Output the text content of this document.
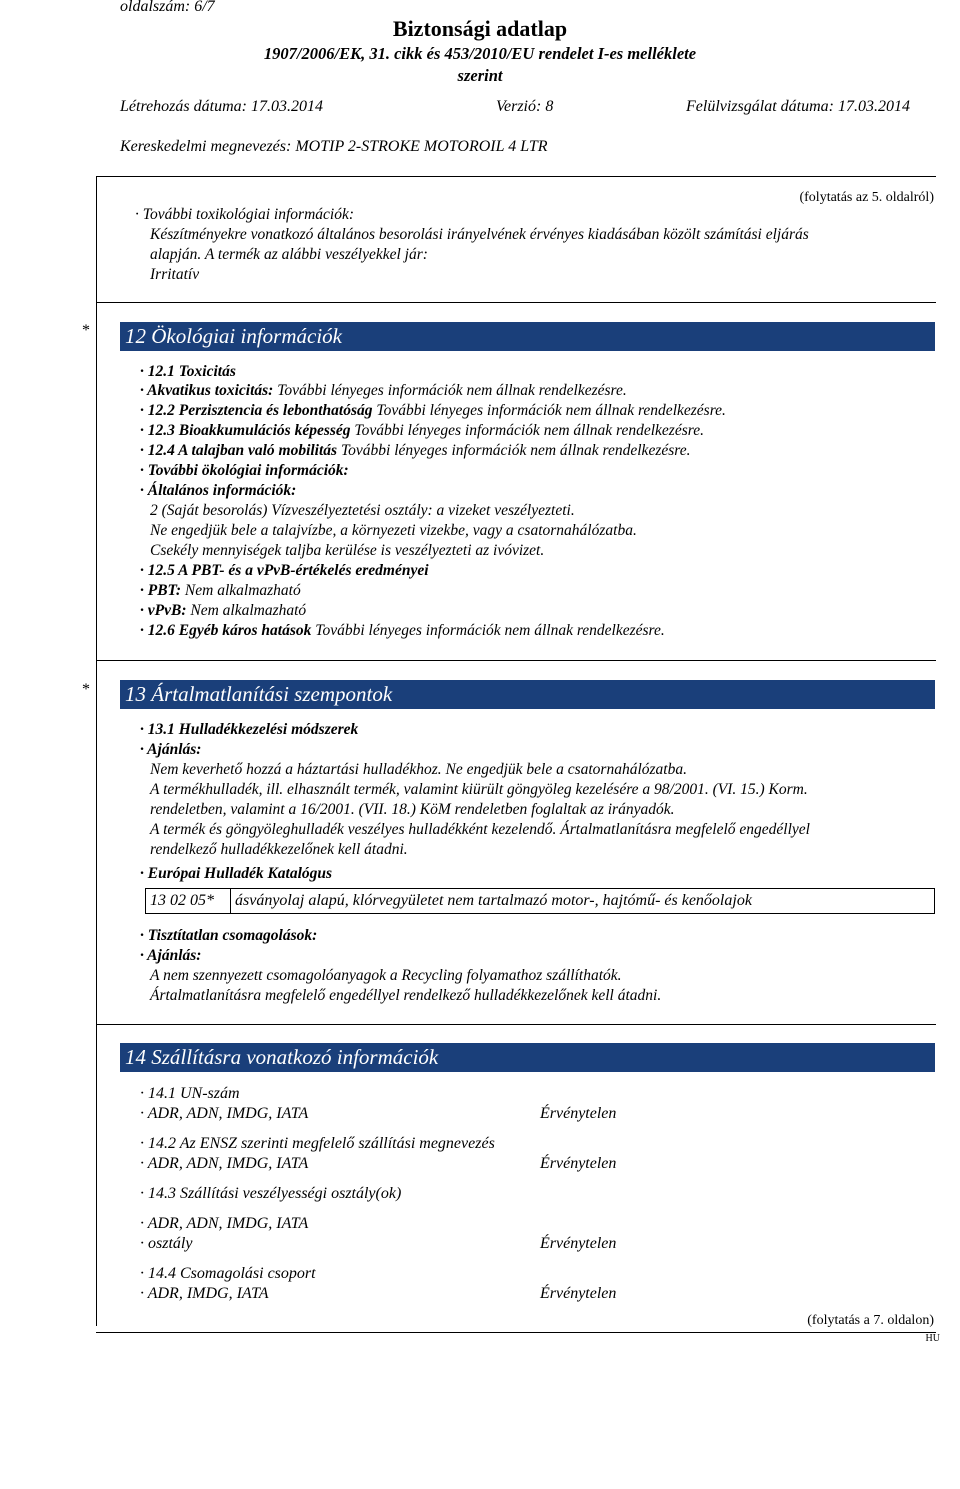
oldalszám: 6/7
Biztonsági adatlap
1907/2006/EK, 31. cikk és 453/2010/EU rendelet I-es melléklete
szerint
Létrehozás dátuma: 17.03.2014	Verzió: 8	Felülvizsgálat dátuma: 17.03.2014
Kereskedelmi megnevezés: MOTIP 2-STROKE MOTOROIL 4 LTR
(folytatás az 5. oldalról)
· További toxikológiai információk:
Készítményekre vonatkozó általános besorolási irányelvének érvényes kiadásában közölt számítási eljárás
alapján. A termék az alábbi veszélyekkel jár:
Irritatív
* 12 Ökológiai információk
· 12.1 Toxicitás
· Akvatikus toxicitás: További lényeges információk nem állnak rendelkezésre.
· 12.2 Perzisztencia és lebonthatóság További lényeges információk nem állnak rendelkezésre.
· 12.3 Bioakkumulációs képesség További lényeges információk nem állnak rendelkezésre.
· 12.4 A talajban való mobilitás További lényeges információk nem állnak rendelkezésre.
· További ökológiai információk:
· Általános információk:
2 (Saját besorolás) Vízveszélyeztetési osztály: a vizeket veszélyezteti.
Ne engedjük bele a talajvízbe, a környezeti vizekbe, vagy a csatornahálózatba.
Csekély mennyiségek taljba kerülése is veszélyezteti az ivóvizet.
· 12.5 A PBT- és a vPvB-értékelés eredményei
· PBT: Nem alkalmazható
· vPvB: Nem alkalmazható
· 12.6 Egyéb káros hatások További lényeges információk nem állnak rendelkezésre.
* 13 Ártalmatlanítási szempontok
· 13.1 Hulladékkezelési módszerek
· Ajánlás:
Nem keverhető hozzá a háztartási hulladékhoz. Ne engedjük bele a csatornahálózatba.
A termékhulladék, ill. elhasznált termék, valamint kiürült göngyöleg kezelésére a 98/2001. (VI. 15.) Korm.
rendeletben, valamint a 16/2001. (VII. 18.) KöM rendeletben foglaltak az irányadók.
A termék és göngyöleghulladék veszélyes hulladékként kezelendő. Ártalmatlanításra megfelelő engedéllyel
rendelkező hulladékkezelőnek kell átadni.
· Európai Hulladék Katalógus
13 02 05*	ásványolaj alapú, klórvegyületet nem tartalmazó motor-, hajtómű- és kenőolajok
· Tisztítatlan csomagolások:
· Ajánlás:
A nem szennyezett csomagolóanyagok a Recycling folyamathoz szállíthatók.
Ártalmatlanításra megfelelő engedéllyel rendelkező hulladékkezelőnek kell átadni.
14 Szállításra vonatkozó információk
· 14.1 UN-szám
· ADR, ADN, IMDG, IATA	Érvénytelen
· 14.2 Az ENSZ szerinti megfelelő szállítási megnevezés
· ADR, ADN, IMDG, IATA	Érvénytelen
· 14.3 Szállítási veszélyességi osztály(ok)
· ADR, ADN, IMDG, IATA
· osztály	Érvénytelen
· 14.4 Csomagolási csoport
· ADR, IMDG, IATA	Érvénytelen
(folytatás a 7. oldalon)
HU
